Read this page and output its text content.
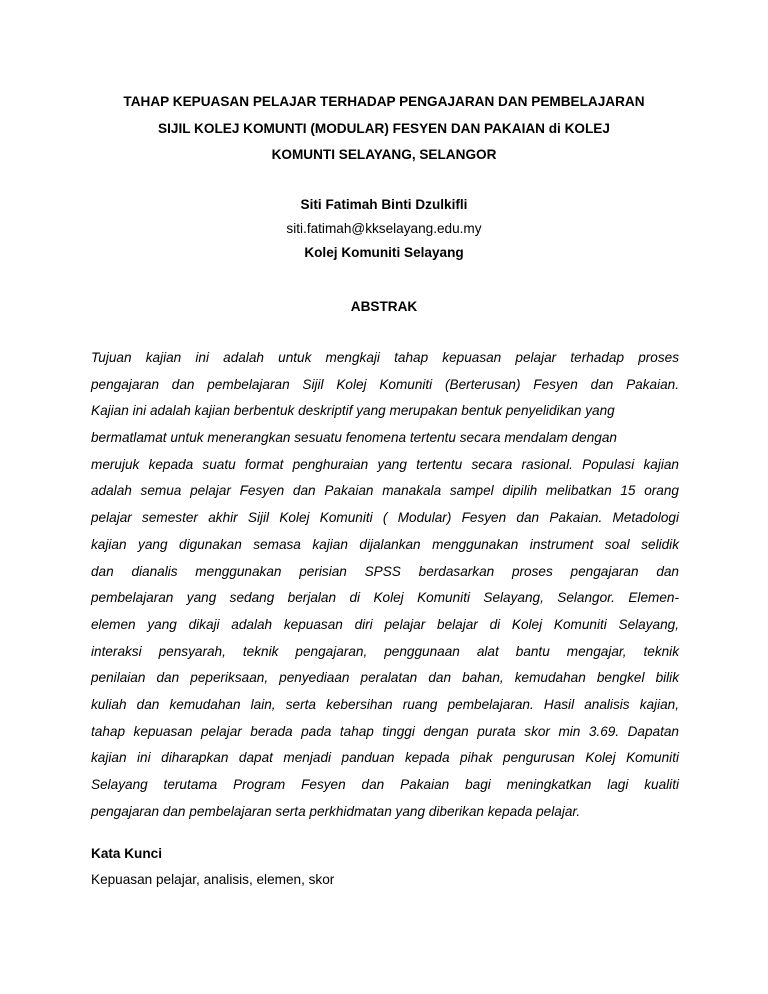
TAHAP KEPUASAN PELAJAR TERHADAP PENGAJARAN DAN PEMBELAJARAN
SIJIL KOLEJ KOMUNTI (MODULAR) FESYEN DAN PAKAIAN di KOLEJ
KOMUNTI SELAYANG, SELANGOR
Siti Fatimah Binti Dzulkifli
siti.fatimah@kkselayang.edu.my
Kolej Komuniti Selayang
ABSTRAK
Tujuan kajian ini adalah untuk mengkaji tahap kepuasan pelajar terhadap proses
pengajaran dan pembelajaran Sijil Kolej Komuniti (Berterusan) Fesyen dan Pakaian.
Kajian ini adalah kajian berbentuk deskriptif yang merupakan bentuk penyelidikan yang
bermatlamat untuk menerangkan sesuatu fenomena tertentu secara mendalam dengan
merujuk kepada suatu format penghuraian yang tertentu secara rasional. Populasi kajian
adalah semua pelajar Fesyen dan Pakaian manakala sampel dipilih melibatkan 15 orang
pelajar semester akhir Sijil Kolej Komuniti ( Modular) Fesyen dan Pakaian. Metadologi
kajian yang digunakan semasa kajian dijalankan menggunakan instrument soal selidik
dan dianalis menggunakan perisian SPSS berdasarkan proses pengajaran dan
pembelajaran yang sedang berjalan di Kolej Komuniti Selayang, Selangor. Elemen-
elemen yang dikaji adalah kepuasan diri pelajar belajar di Kolej Komuniti Selayang,
interaksi pensyarah, teknik pengajaran, penggunaan alat bantu mengajar, teknik
penilaian dan peperiksaan, penyediaan peralatan dan bahan, kemudahan bengkel bilik
kuliah dan kemudahan lain, serta kebersihan ruang pembelajaran. Hasil analisis kajian,
tahap kepuasan pelajar berada pada tahap tinggi dengan purata skor min 3.69. Dapatan
kajian ini diharapkan dapat menjadi panduan kepada pihak pengurusan Kolej Komuniti
Selayang terutama Program Fesyen dan Pakaian bagi meningkatkan lagi kualiti
pengajaran dan pembelajaran serta perkhidmatan yang diberikan kepada pelajar.
Kata Kunci
Kepuasan pelajar, analisis, elemen, skor
